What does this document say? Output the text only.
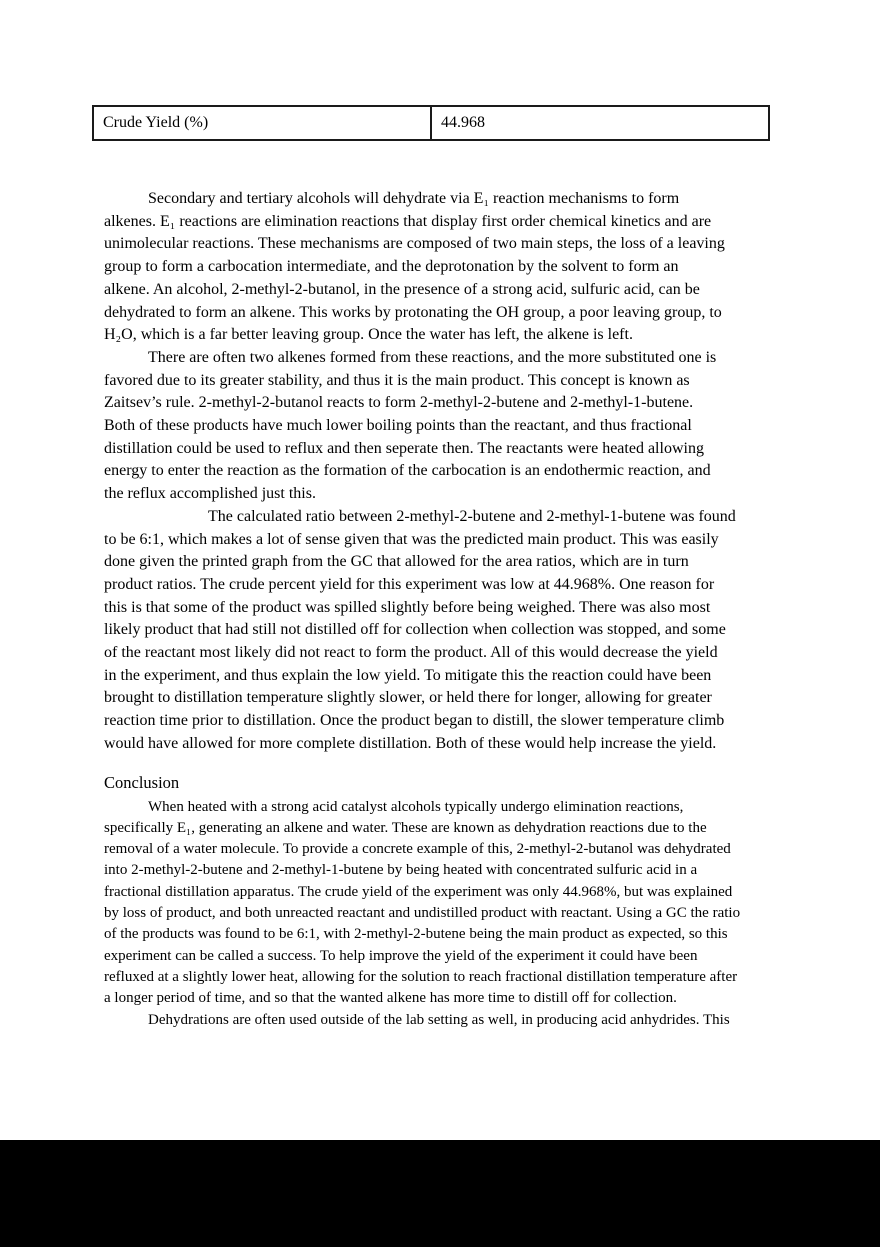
Crude Yield (%)	44.968
Secondary and tertiary alcohols will dehydrate via E₁ reaction mechanisms to form
alkenes. E₁ reactions are elimination reactions that display first order chemical kinetics and are
unimolecular reactions. These mechanisms are composed of two main steps, the loss of a leaving
group to form a carbocation intermediate, and the deprotonation by the solvent to form an
alkene. An alcohol, 2-methyl-2-butanol, in the presence of a strong acid, sulfuric acid, can be
dehydrated to form an alkene. This works by protonating the OH group, a poor leaving group, to
H₂O, which is a far better leaving group. Once the water has left, the alkene is left.
There are often two alkenes formed from these reactions, and the more substituted one is
favored due to its greater stability, and thus it is the main product. This concept is known as
Zaitsev’s rule. 2-methyl-2-butanol reacts to form 2-methyl-2-butene and 2-methyl-1-butene.
Both of these products have much lower boiling points than the reactant, and thus fractional
distillation could be used to reflux and then seperate then. The reactants were heated allowing
energy to enter the reaction as the formation of the carbocation is an endothermic reaction, and
the reflux accomplished just this.
The calculated ratio between 2-methyl-2-butene and 2-methyl-1-butene was found
to be 6:1, which makes a lot of sense given that was the predicted main product. This was easily
done given the printed graph from the GC that allowed for the area ratios, which are in turn
product ratios. The crude percent yield for this experiment was low at 44.968%. One reason for
this is that some of the product was spilled slightly before being weighed. There was also most
likely product that had still not distilled off for collection when collection was stopped, and some
of the reactant most likely did not react to form the product. All of this would decrease the yield
in the experiment, and thus explain the low yield. To mitigate this the reaction could have been
brought to distillation temperature slightly slower, or held there for longer, allowing for greater
reaction time prior to distillation. Once the product began to distill, the slower temperature climb
would have allowed for more complete distillation. Both of these would help increase the yield.
Conclusion
When heated with a strong acid catalyst alcohols typically undergo elimination reactions,
specifically E₁, generating an alkene and water. These are known as dehydration reactions due to the
removal of a water molecule. To provide a concrete example of this, 2-methyl-2-butanol was dehydrated
into 2-methyl-2-butene and 2-methyl-1-butene by being heated with concentrated sulfuric acid in a
fractional distillation apparatus. The crude yield of the experiment was only 44.968%, but was explained
by loss of product, and both unreacted reactant and undistilled product with reactant. Using a GC the ratio
of the products was found to be 6:1, with 2-methyl-2-butene being the main product as expected, so this
experiment can be called a success. To help improve the yield of the experiment it could have been
refluxed at a slightly lower heat, allowing for the solution to reach fractional distillation temperature after
a longer period of time, and so that the wanted alkene has more time to distill off for collection.
Dehydrations are often used outside of the lab setting as well, in producing acid anhydrides. This
